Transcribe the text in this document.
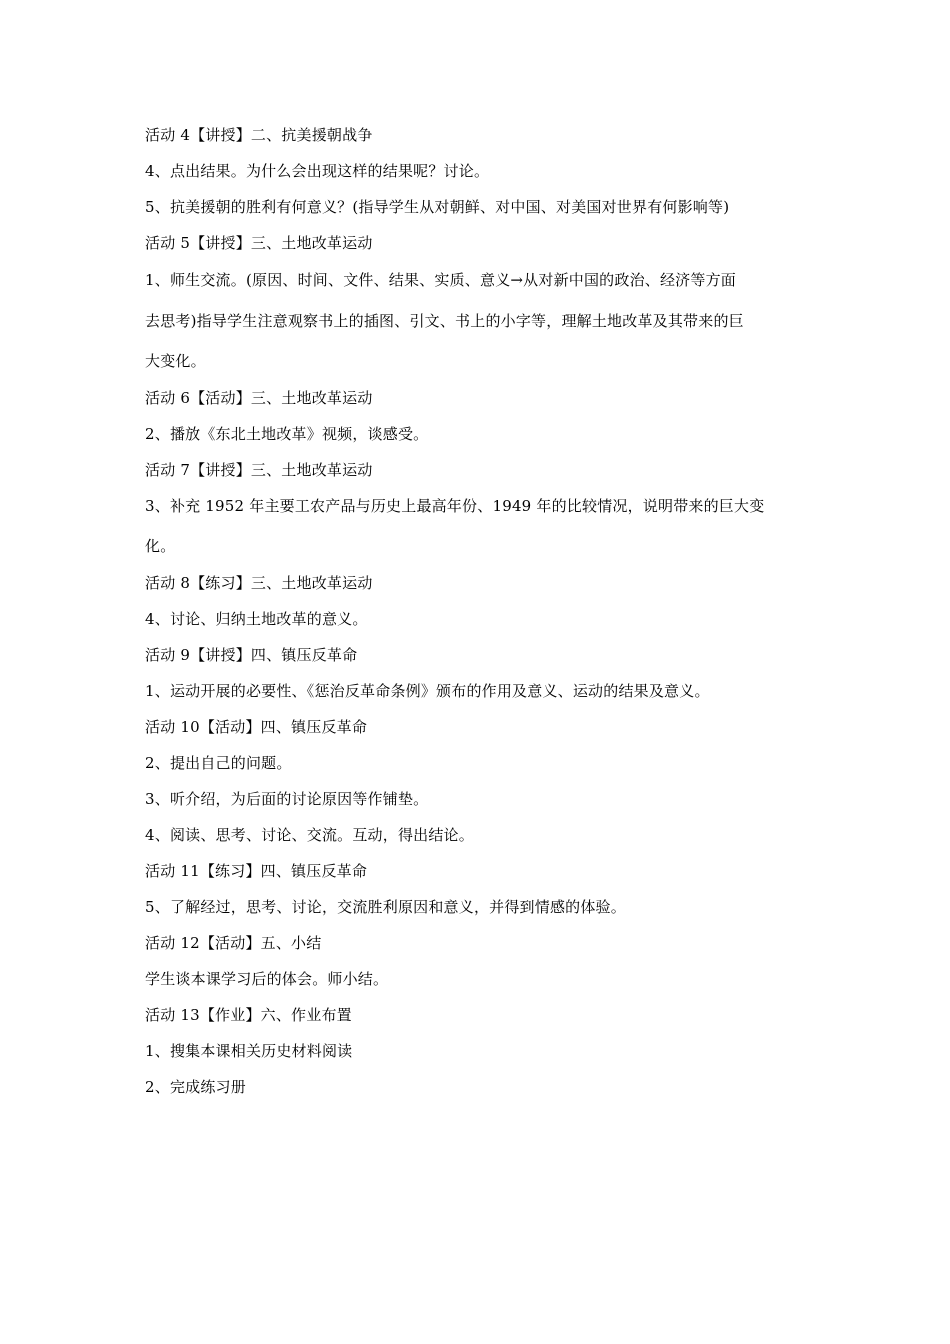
活动 4【讲授】二、抗美援朝战争
4、点出结果。为什么会出现这样的结果呢？讨论。
5、抗美援朝的胜利有何意义？(指导学生从对朝鲜、对中国、对美国对世界有何影响等)
活动 5【讲授】三、土地改革运动
1、师生交流。(原因、时间、文件、结果、实质、意义→从对新中国的政治、经济等方面
去思考)指导学生注意观察书上的插图、引文、书上的小字等，理解土地改革及其带来的巨
大变化。
活动 6【活动】三、土地改革运动
2、播放《东北土地改革》视频，谈感受。
活动 7【讲授】三、土地改革运动
3、补充 1952 年主要工农产品与历史上最高年份、1949 年的比较情况，说明带来的巨大变
化。
活动 8【练习】三、土地改革运动
4、讨论、归纳土地改革的意义。
活动 9【讲授】四、镇压反革命
1、运动开展的必要性、《惩治反革命条例》颁布的作用及意义、运动的结果及意义。
活动 10【活动】四、镇压反革命
2、提出自己的问题。
3、听介绍，为后面的讨论原因等作铺垫。
4、阅读、思考、讨论、交流。互动，得出结论。
活动 11【练习】四、镇压反革命
5、了解经过，思考、讨论，交流胜利原因和意义，并得到情感的体验。
活动 12【活动】五、小结
学生谈本课学习后的体会。师小结。
活动 13【作业】六、作业布置
1、搜集本课相关历史材料阅读
2、完成练习册
